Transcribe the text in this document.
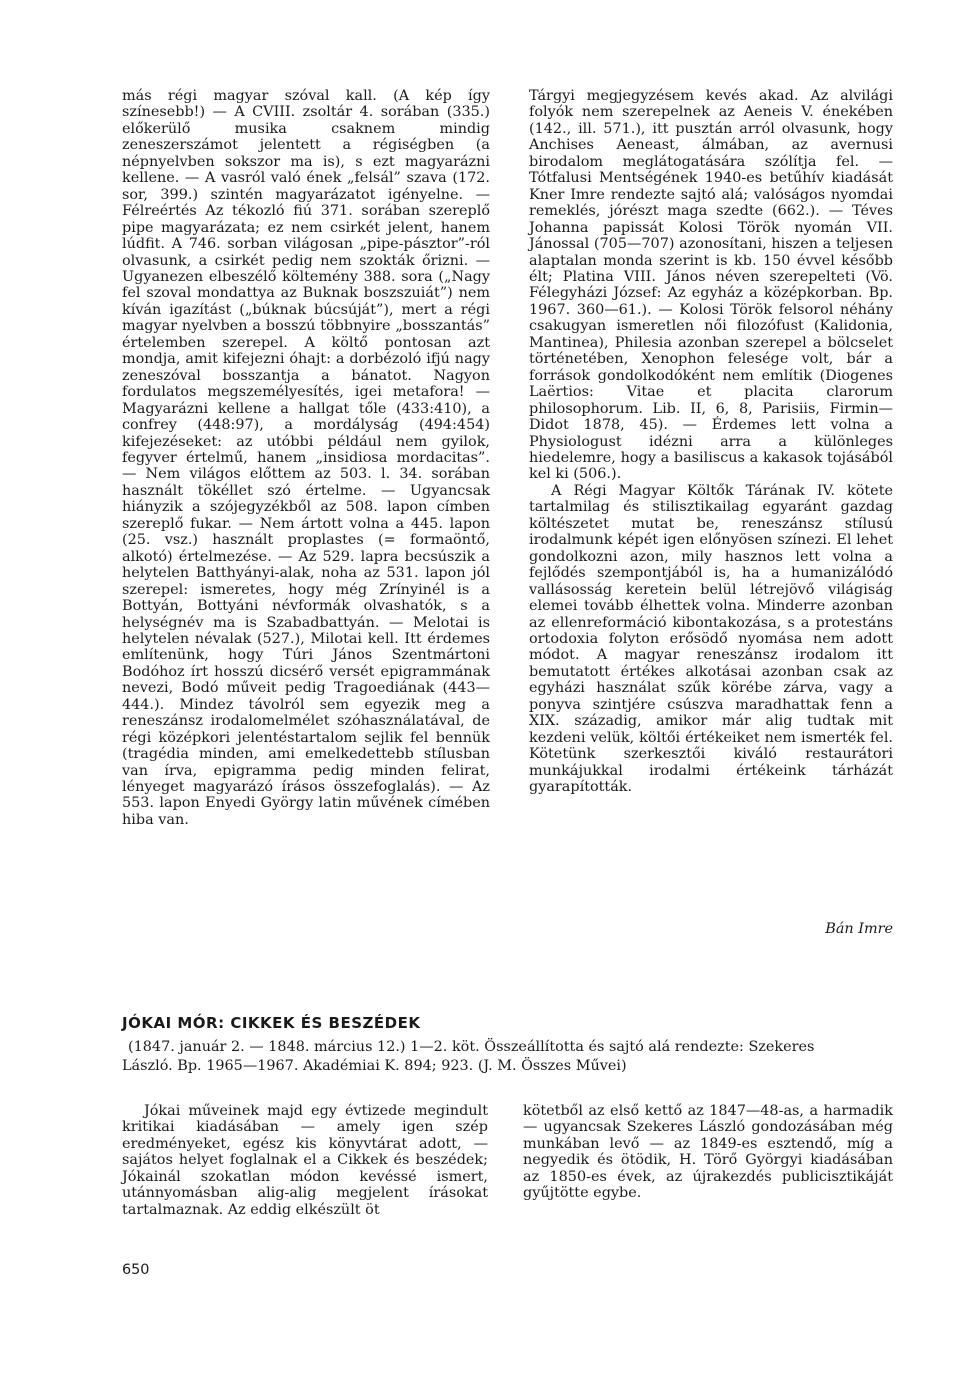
más régi magyar szóval kall. (A kép így színesebb!) — A CVIII. zsoltár 4. sorában (335.) előkerülő musika csaknem mindig zeneszerszámot jelentett a régiségben (a népnyelvben sokszor ma is), s ezt magyarázni kellene. — A vasról való ének „felsál” szava (172. sor, 399.) szintén magyarázatot igényelne. — Félreértés Az tékozló fiú 371. sorában szereplő pipe magyarázata; ez nem csirkét jelent, hanem lúdfit. A 746. sorban világosan „pipe-pásztor”-ról olvasunk, a csirkét pedig nem szokták őrizni. — Ugyanezen elbeszélő költemény 388. sora („Nagy fel szoval mondattya az Buknak boszszuiát”) nem kíván igazítást („búknak búcsúját”), mert a régi magyar nyelvben a bosszú többnyire „bosszantás” értelemben szerepel. A költő pontosan azt mondja, amit kifejezni óhajt: a dorbézoló ifjú nagy zeneszóval bosszantja a bánatot. Nagyon fordulatos megszemélyesítés, igei metafora! — Magyarázni kellene a hallgat tőle (433:410), a confrey (448:97), a mordályság (494:454) kifejezéseket: az utóbbi például nem gyilok, fegyver értelmű, hanem „insidiosa mordacitas”. — Nem világos előttem az 503. l. 34. sorában használt tökéllet szó értelme. — Ugyancsak hiányzik a szójegyzékből az 508. lapon címben szereplő fukar. — Nem ártott volna a 445. lapon (25. vsz.) használt proplastes (= formaöntő, alkotó) értelmezése. — Az 529. lapra becsúszik a helytelen Batthyányi-alak, noha az 531. lapon jól szerepel: ismeretes, hogy még Zrínyinél is a Bottyán, Bottyáni névformák olvashatók, s a helységnév ma is Szabadbattyán. — Melotai is helytelen névalak (527.), Milotai kell. Itt érdemes említenünk, hogy Túri János Szentmártoni Bodóhoz írt hosszú dicsérő versét epigrammának nevezi, Bodó műveit pedig Tragoediának (443—444.). Mindez távolról sem egyezik meg a reneszánsz irodalomelmélet szóhasználatával, de régi középkori jelentéstartalom sejlik fel bennük (tragédia minden, ami emelkedettebb stílusban van írva, epigramma pedig minden felirat, lényeget magyarázó írásos összefoglalás). — Az 553. lapon Enyedi György latin művének címében hiba van.

Tárgyi megjegyzésem kevés akad. Az alvilági folyók nem szerepelnek az Aeneis V. énekében (142., ill. 571.), itt pusztán arról olvasunk, hogy Anchises Aeneast, álmában, az avernusi birodalom meglátogatására szólítja fel. — Tótfalusi Mentségének 1940-es betűhív kiadását Kner Imre rendezte sajtó alá; valóságos nyomdai remeklés, jórészt maga szedte (662.). — Téves Johanna papissát Kolosi Török nyomán VII. Jánossal (705—707) azonosítani, hiszen a teljesen alaptalan monda szerint is kb. 150 évvel később élt; Platina VIII. János néven szerepelteti (Vö. Félegyházi József: Az egyház a középkorban. Bp. 1967. 360—61.). — Kolosi Török felsorol néhány csakugyan ismeretlen női filozófust (Kalidonia, Mantinea), Philesia azonban szerepel a bölcselet történetében, Xenophon felesége volt, bár a források gondolkodóként nem említik (Diogenes Laërtios: Vitae et placita clarorum philosophorum. Lib. II, 6, 8, Parisiis, Firmin—Didot 1878, 45). — Érdemes lett volna a Physiologust idézni arra a különleges hiedelemre, hogy a basiliscus a kakasok tojásából kel ki (506.).

A Régi Magyar Költők Tárának IV. kötete tartalmilag és stilisztikailag egyaránt gazdag költészetet mutat be, reneszánsz stílusú irodalmunk képét igen előnyösen színezi. El lehet gondolkozni azon, mily hasznos lett volna a fejlődés szempontjából is, ha a humanizálódó vallásosság keretein belül létrejövő világiság elemei tovább élhettek volna. Minderre azonban az ellenreformáció kibontakozása, s a protestáns ortodoxia folyton erősödő nyomása nem adott módot. A magyar reneszánsz irodalom itt bemutatott értékes alkotásai azonban csak az egyházi használat szűk körébe zárva, vagy a ponyva szintjére csúszva maradhattak fenn a XIX. századig, amikor már alig tudtak mit kezdeni velük, költői értékeiket nem ismerték fel. Kötetünk szerkesztői kiváló restaurátori munkájukkal irodalmi értékeink tárházát gyarapították.

Bán Imre
JÓKAI MÓR: CIKKEK ÉS BESZÉDEK
(1847. január 2. — 1848. március 12.) 1—2. köt. Összeállította és sajtó alá rendezte: Szekeres
László. Bp. 1965—1967. Akadémiai K. 894; 923. (J. M. Összes Művei)

Jókai műveinek majd egy évtizede megindult kritikai kiadásában — amely igen szép eredményeket, egész kis könyvtárat adott, — sajátos helyet foglalnak el a Cikkek és beszédek; Jókainál szokatlan módon kevéssé ismert, utánnyomásban alig-alig megjelent írásokat tartalmaznak. Az eddig elkészült öt

kötetből az első kettő az 1847—48-as, a harmadik — ugyancsak Szekeres László gondozásában még munkában levő — az 1849-es esztendő, míg a negyedik és ötödik, H. Törő Györgyi kiadásában az 1850-es évek, az újrakezdés publicisztikáját gyűjtötte egybe.

650
